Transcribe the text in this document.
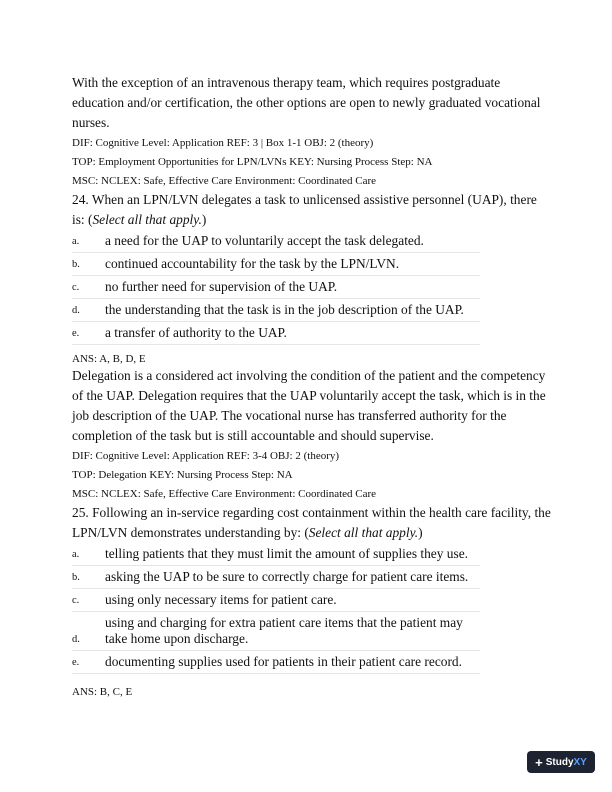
With the exception of an intravenous therapy team, which requires postgraduate education and/or certification, the other options are open to newly graduated vocational nurses.

DIF: Cognitive Level: Application REF: 3 | Box 1-1 OBJ: 2 (theory)

TOP: Employment Opportunities for LPN/LVNs KEY: Nursing Process Step: NA

MSC: NCLEX: Safe, Effective Care Environment: Coordinated Care

24. When an LPN/LVN delegates a task to unlicensed assistive personnel (UAP), there is: (Select all that apply.)

a.	a need for the UAP to voluntarily accept the task delegated.
b.	continued accountability for the task by the LPN/LVN.
c.	no further need for supervision of the UAP.
d.	the understanding that the task is in the job description of the UAP.
e.	a transfer of authority to the UAP.

ANS: A, B, D, E

Delegation is a considered act involving the condition of the patient and the competency of the UAP. Delegation requires that the UAP voluntarily accept the task, which is in the job description of the UAP. The vocational nurse has transferred authority for the completion of the task but is still accountable and should supervise.

DIF: Cognitive Level: Application REF: 3-4 OBJ: 2 (theory)

TOP: Delegation KEY: Nursing Process Step: NA

MSC: NCLEX: Safe, Effective Care Environment: Coordinated Care

25. Following an in-service regarding cost containment within the health care facility, the LPN/LVN demonstrates understanding by: (Select all that apply.)

a.	telling patients that they must limit the amount of supplies they use.
b.	asking the UAP to be sure to correctly charge for patient care items.
c.	using only necessary items for patient care.
d.
using and charging for extra patient care items that the patient may take home upon discharge.
e.	documenting supplies used for patients in their patient care record.

ANS: B, C, E

+ Study XY
